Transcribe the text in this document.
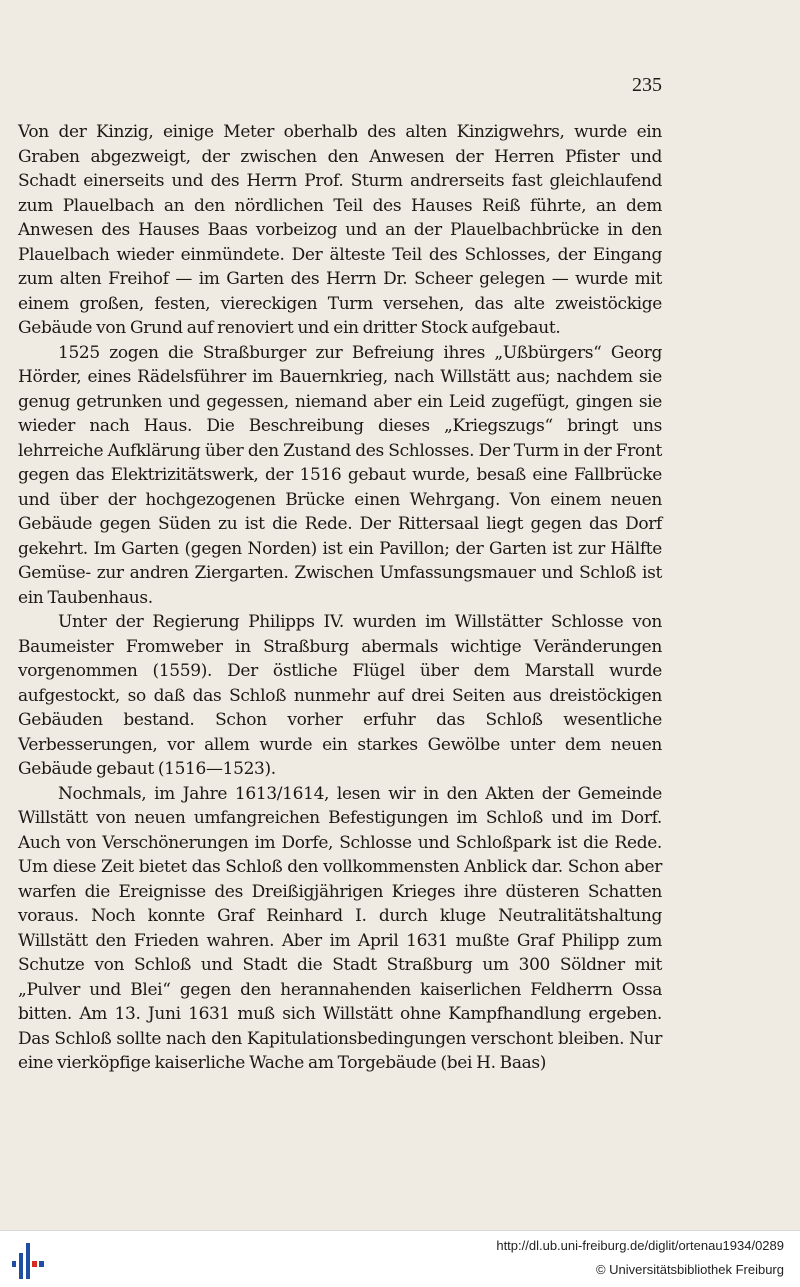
235

Von der Kinzig, einige Meter oberhalb des alten Kinzigwehrs, wurde ein Graben abgezweigt, der zwischen den Anwesen der Herren Pfister und Schadt einerseits und des Herrn Prof. Sturm andrerseits fast gleichlaufend zum Plauelbach an den nördlichen Teil des Hauses Reiß führte, an dem Anwesen des Hauses Baas vorbeizog und an der Plauelbachbrücke in den Plauelbach wieder einmündete. Der älteste Teil des Schlosses, der Eingang zum alten Freihof — im Garten des Herrn Dr. Scheer gelegen — wurde mit einem großen, festen, viereckigen Turm versehen, das alte zweistöckige Gebäude von Grund auf renoviert und ein dritter Stock aufgebaut.

1525 zogen die Straßburger zur Befreiung ihres „Ußbürgers“ Georg Hörder, eines Rädelsführer im Bauernkrieg, nach Willstätt aus; nachdem sie genug getrunken und gegessen, niemand aber ein Leid zugefügt, gingen sie wieder nach Haus. Die Beschreibung dieses „Kriegszugs“ bringt uns lehrreiche Aufklärung über den Zustand des Schlosses. Der Turm in der Front gegen das Elektrizitätswerk, der 1516 gebaut wurde, besaß eine Fallbrücke und über der hochgezogenen Brücke einen Wehrgang. Von einem neuen Gebäude gegen Süden zu ist die Rede. Der Rittersaal liegt gegen das Dorf gekehrt. Im Garten (gegen Norden) ist ein Pavillon; der Garten ist zur Hälfte Gemüse- zur andren Ziergarten. Zwischen Umfassungsmauer und Schloß ist ein Taubenhaus.

Unter der Regierung Philipps IV. wurden im Willstätter Schlosse von Baumeister Fromweber in Straßburg abermals wichtige Veränderungen vorgenommen (1559). Der östliche Flügel über dem Marstall wurde aufgestockt, so daß das Schloß nunmehr auf drei Seiten aus dreistöckigen Gebäuden bestand. Schon vorher erfuhr das Schloß wesentliche Verbesserungen, vor allem wurde ein starkes Gewölbe unter dem neuen Gebäude gebaut (1516—1523).

Nochmals, im Jahre 1613/1614, lesen wir in den Akten der Gemeinde Willstätt von neuen umfangreichen Befestigungen im Schloß und im Dorf. Auch von Verschönerungen im Dorfe, Schlosse und Schloßpark ist die Rede. Um diese Zeit bietet das Schloß den vollkommensten Anblick dar. Schon aber warfen die Ereignisse des Dreißigjährigen Krieges ihre düsteren Schatten voraus. Noch konnte Graf Reinhard I. durch kluge Neutralitätshaltung Willstätt den Frieden wahren. Aber im April 1631 mußte Graf Philipp zum Schutze von Schloß und Stadt die Stadt Straßburg um 300 Söldner mit „Pulver und Blei“ gegen den herannahenden kaiserlichen Feldherrn Ossa bitten. Am 13. Juni 1631 muß sich Willstätt ohne Kampfhandlung ergeben. Das Schloß sollte nach den Kapitulationsbedingungen verschont bleiben. Nur eine vierköpfige kaiserliche Wache am Torgebäude (bei H. Baas)

http://dl.ub.uni-freiburg.de/diglit/ortenau1934/0289
© Universitätsbibliothek Freiburg
